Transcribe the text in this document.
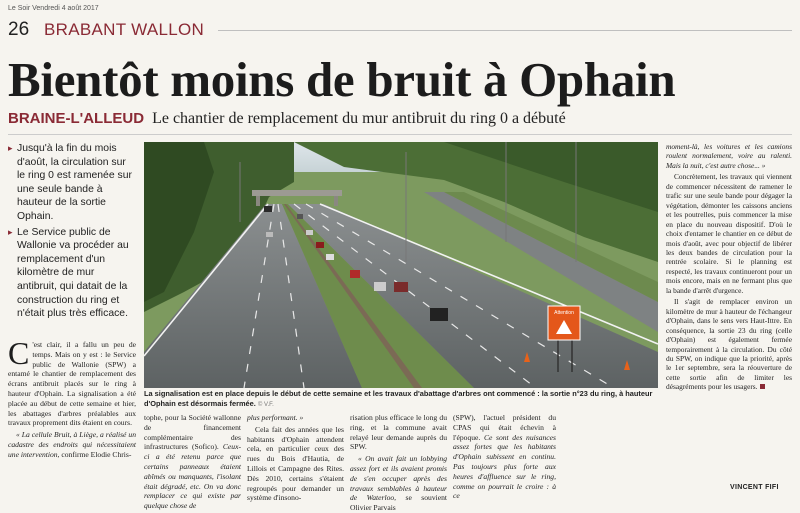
Le Soir Vendredi 4 août 2017
26 BRABANT WALLON
Bientôt moins de bruit à Ophain
BRAINE-L'ALLEUD Le chantier de remplacement du mur antibruit du ring 0 a débuté
▸ Jusqu'à la fin du mois d'août, la circulation sur le ring 0 est ramenée sur une seule bande à hauteur de la sortie Ophain.
▸ Le Service public de Wallonie va procéder au remplacement d'un kilomètre de mur antibruit, qui datait de la construction du ring et n'était plus très efficace.	Attention
La signalisation est en place depuis le début de cette semaine et les travaux d'abattage d'arbres ont commencé : la sortie n°23 du ring, à hauteur d'Ophain est désormais fermée. © V.F.

C 'est clair, il a fallu un peu de temps. Mais on y est : le Service public de Wallonie (SPW) a entamé le chantier de remplacement des écrans antibruit placés sur le ring à hauteur d'Ophain. La signalisation a été placée au début de cette semaine et hier, les abattages d'arbres préalables aux travaux proprement dits étaient en cours.

« La cellule Bruit, à Liège, a réalisé un cadastre des endroits qui nécessitaient une intervention, confirme Elodie Chris-

tophe, pour la Société wallonne de financement complémentaire des infrastructures (Sofico). Ceux-ci a été retenu parce que certains panneaux étaient abîmés ou manquants, l'isolant était dégradé, etc. On va donc remplacer ce qui existe par quelque chose de

plus performant. »

Cela fait des années que les habitants d'Ophain attendent cela, en particulier ceux des rues du Bois d'Hautia, de Lillois et Campagne des Rites. Dès 2010, certains s'étaient regroupés pour demander un système d'insono-

risation plus efficace le long du ring, et la commune avait relayé leur demande auprès du SPW.

« On avait fait un lobbying assez fort et ils avaient promis de s'en occuper après des travaux semblables à hauteur de Waterloo, se souvient Olivier Parvais

(SPW), l'actuel président du CPAS qui était échevin à l'époque. Ce sont des nuisances assez fortes que les habitants d'Ophain subissent en continu. Pas toujours plus forte aux heures d'affluence sur le ring, comme on pourrait le croire : à ce

moment-là, les voitures et les camions roulent normalement, voire au ralenti. Mais la nuit, c'est autre chose... »

Concrètement, les travaux qui viennent de commencer nécessitent de ramener le trafic sur une seule bande pour dégager la végétation, démonter les caissons anciens et les poutrelles, puis commencer la mise en place du nouveau dispositif. D'où le choix d'entamer le chantier en ce début de mois d'août, avec pour objectif de libérer les deux bandes de circulation pour la rentrée scolaire. Si le planning est respecté, les travaux continueront pour un mois encore, mais en ne fermant plus que la bande d'arrêt d'urgence.

Il s'agit de remplacer environ un kilomètre de mur à hauteur de l'échangeur d'Ophain, dans le sens vers Haut-Ittre. En conséquence, la sortie 23 du ring (celle d'Ophain) est également fermée temporairement à la circulation. Du côté du SPW, on indique que la priorité, après le 1er septembre, sera la réouverture de cette sortie afin de limiter les désagréments pour les usagers.

VINCENT FIFI
